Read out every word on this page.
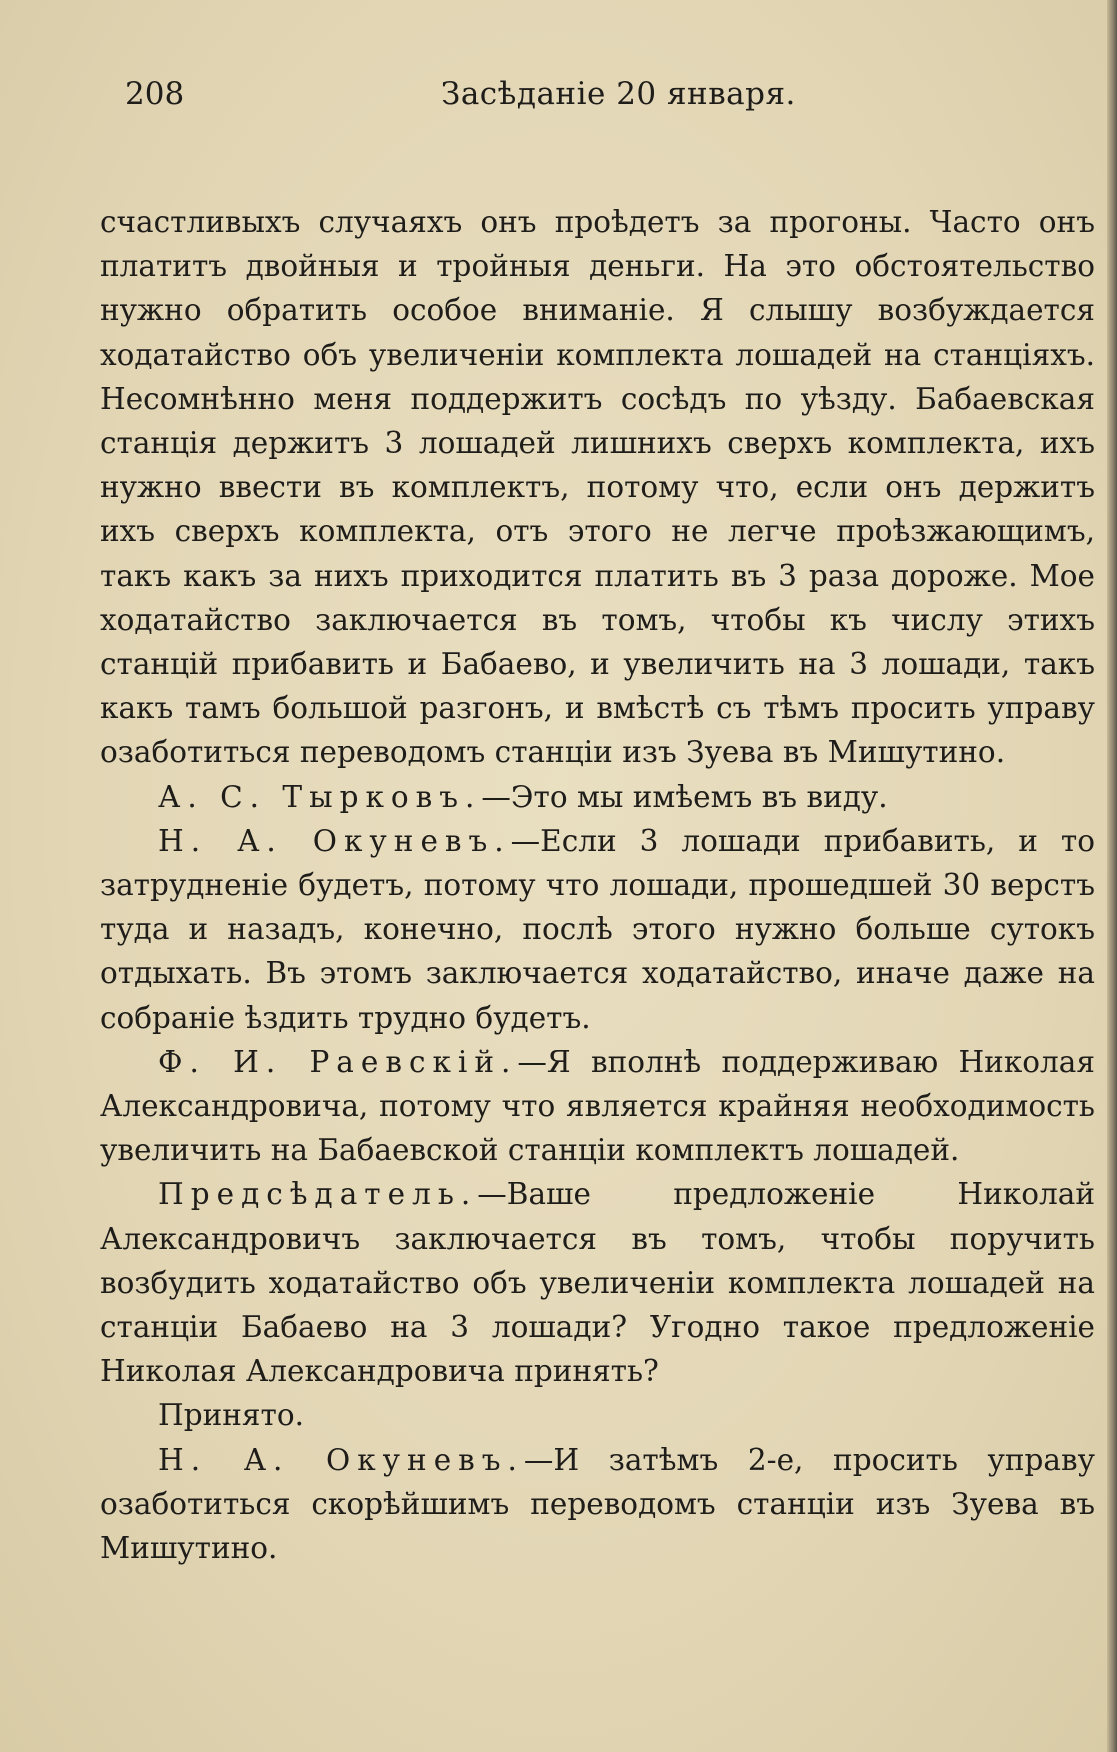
208	Засѣданіе 20 января.

счастливыхъ случаяхъ онъ проѣдетъ за прогоны. Часто онъ платитъ двойныя и тройныя деньги. На это обстоятельство нужно обратить особое вниманіе. Я слышу возбуждается ходатайство объ увеличеніи комплекта лошадей на станціяхъ. Несомнѣнно меня поддержитъ сосѣдъ по уѣзду. Бабаевская станція держитъ 3 лошадей лишнихъ сверхъ комплекта, ихъ нужно ввести въ комплектъ, потому что, если онъ держитъ ихъ сверхъ комплекта, отъ этого не легче проѣзжающимъ, такъ какъ за нихъ приходится платить въ 3 раза дороже. Мое ходатайство заключается въ томъ, чтобы къ числу этихъ станцій прибавить и Бабаево, и увеличить на 3 лошади, такъ какъ тамъ большой разгонъ, и вмѣстѣ съ тѣмъ просить управу озаботиться переводомъ станціи изъ Зуева въ Мишутино.

А. С. Тырковъ.—Это мы имѣемъ въ виду.

Н. А. Окуневъ.—Если 3 лошади прибавить, и то затрудненіе будетъ, потому что лошади, прошедшей 30 верстъ туда и назадъ, конечно, послѣ этого нужно больше сутокъ отдыхать. Въ этомъ заключается ходатайство, иначе даже на собраніе ѣздить трудно будетъ.

Ф. И. Раевскій.—Я вполнѣ поддерживаю Николая Александровича, потому что является крайняя необходимость увеличить на Бабаевской станціи комплектъ лошадей.

Предсѣдатель.—Ваше предложеніе Николай Александровичъ заключается въ томъ, чтобы поручить возбудить ходатайство объ увеличеніи комплекта лошадей на станціи Бабаево на 3 лошади? Угодно такое предложеніе Николая Александровича принять?

Принято.

Н. А. Окуневъ.—И затѣмъ 2-е, просить управу озаботиться скорѣйшимъ переводомъ станціи изъ Зуева въ Мишутино.
